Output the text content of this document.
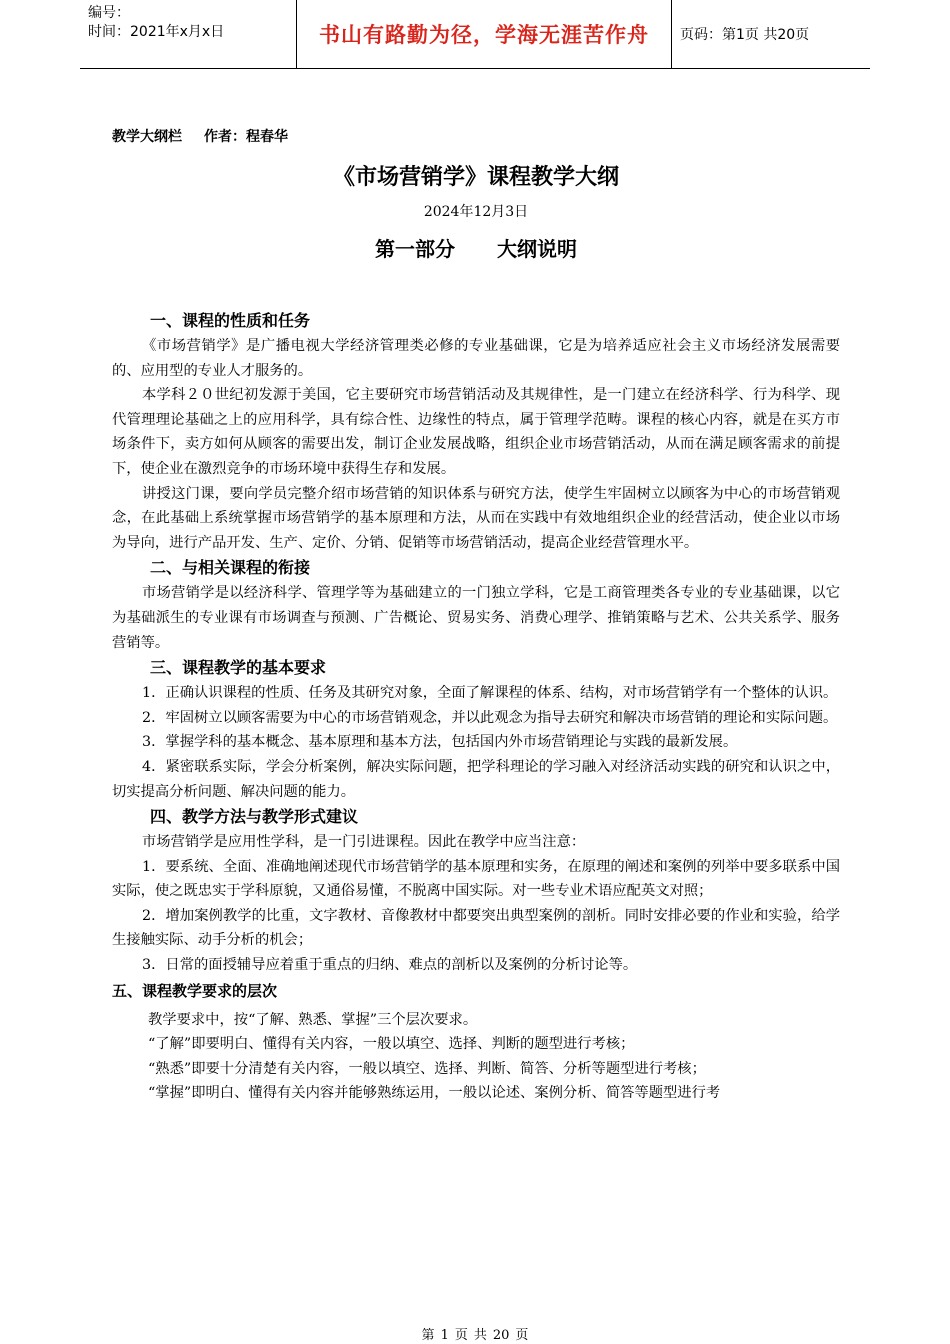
编号：
时间：2021年x月x日	书山有路勤为径，学海无涯苦作舟	页码：第1页 共20页
教学大纲栏 作者：程春华
《市场营销学》课程教学大纲
2024年12月3日
第一部分 大纲说明
一、课程的性质和任务

《市场营销学》是广播电视大学经济管理类必修的专业基础课，它是为培养适应社会主义市场经济发展需要的、应用型的专业人才服务的。

本学科２０世纪初发源于美国，它主要研究市场营销活动及其规律性，是一门建立在经济科学、行为科学、现代管理理论基础之上的应用科学，具有综合性、边缘性的特点，属于管理学范畴。课程的核心内容，就是在买方市场条件下，卖方如何从顾客的需要出发，制订企业发展战略，组织企业市场营销活动，从而在满足顾客需求的前提下，使企业在激烈竞争的市场环境中获得生存和发展。

讲授这门课，要向学员完整介绍市场营销的知识体系与研究方法，使学生牢固树立以顾客为中心的市场营销观念，在此基础上系统掌握市场营销学的基本原理和方法，从而在实践中有效地组织企业的经营活动，使企业以市场为导向，进行产品开发、生产、定价、分销、促销等市场营销活动，提高企业经营管理水平。

二、与相关课程的衔接

市场营销学是以经济科学、管理学等为基础建立的一门独立学科，它是工商管理类各专业的专业基础课，以它为基础派生的专业课有市场调查与预测、广告概论、贸易实务、消费心理学、推销策略与艺术、公共关系学、服务营销等。

三、课程教学的基本要求

1．正确认识课程的性质、任务及其研究对象，全面了解课程的体系、结构，对市场营销学有一个整体的认识。

2．牢固树立以顾客需要为中心的市场营销观念，并以此观念为指导去研究和解决市场营销的理论和实际问题。

3．掌握学科的基本概念、基本原理和基本方法，包括国内外市场营销理论与实践的最新发展。

4．紧密联系实际，学会分析案例，解决实际问题，把学科理论的学习融入对经济活动实践的研究和认识之中，切实提高分析问题、解决问题的能力。

四、教学方法与教学形式建议

市场营销学是应用性学科，是一门引进课程。因此在教学中应当注意：

1．要系统、全面、准确地阐述现代市场营销学的基本原理和实务，在原理的阐述和案例的列举中要多联系中国实际，使之既忠实于学科原貌，又通俗易懂，不脱离中国实际。对一些专业术语应配英文对照；

2．增加案例教学的比重，文字教材、音像教材中都要突出典型案例的剖析。同时安排必要的作业和实验，给学生接触实际、动手分析的机会；

3．日常的面授辅导应着重于重点的归纳、难点的剖析以及案例的分析讨论等。

五、课程教学要求的层次

教学要求中，按“了解、熟悉、掌握”三个层次要求。

“了解”即要明白、懂得有关内容，一般以填空、选择、判断的题型进行考核；

“熟悉”即要十分清楚有关内容，一般以填空、选择、判断、简答、分析等题型进行考核；

“掌握”即明白、懂得有关内容并能够熟练运用，一般以论述、案例分析、简答等题型进行考

第 1 页 共 20 页
